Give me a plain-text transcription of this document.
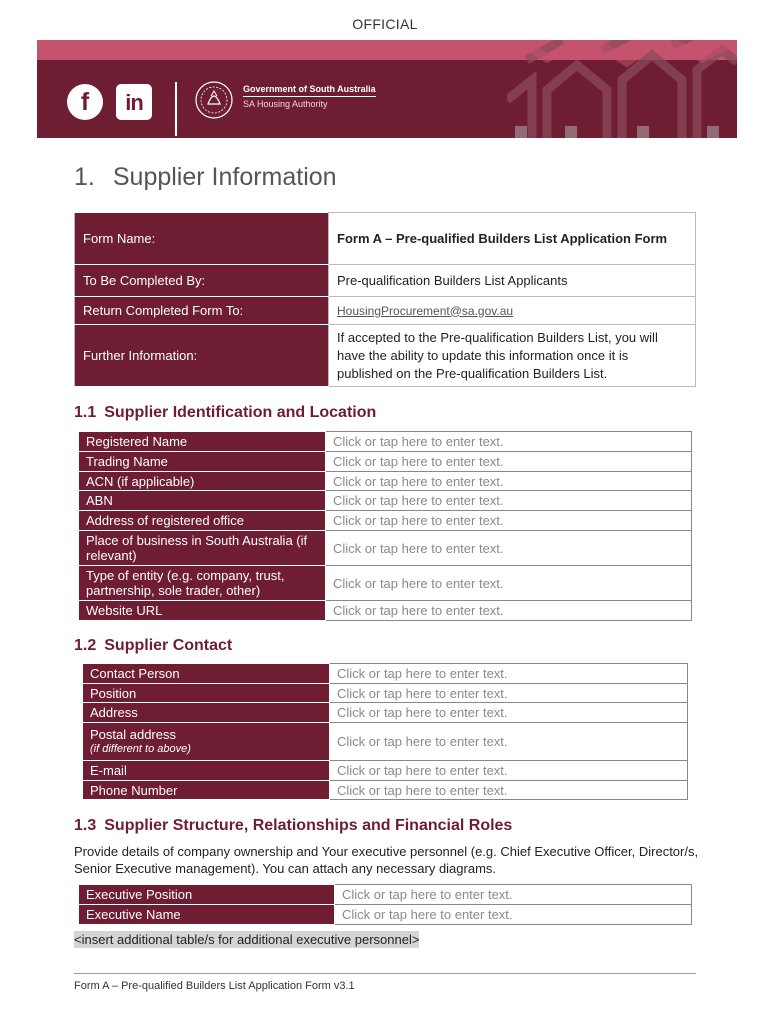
OFFICIAL
f	in
Government of South Australia
SA Housing Authority
1. Supplier Information
Form Name:	Form A – Pre-qualified Builders List Application Form
To Be Completed By:	Pre-qualification Builders List Applicants
Return Completed Form To:	HousingProcurement@sa.gov.au
Further Information:	If accepted to the Pre-qualification Builders List, you will have the ability to update this information once it is published on the Pre-qualification Builders List.
1.1 Supplier Identification and Location
Registered Name	Click or tap here to enter text.
Trading Name	Click or tap here to enter text.
ACN (if applicable)	Click or tap here to enter text.
ABN	Click or tap here to enter text.
Address of registered office	Click or tap here to enter text.
Place of business in South Australia (if relevant)	Click or tap here to enter text.
Type of entity (e.g. company, trust, partnership, sole trader, other)	Click or tap here to enter text.
Website URL	Click or tap here to enter text.
1.2 Supplier Contact
Contact Person	Click or tap here to enter text.
Position	Click or tap here to enter text.
Address	Click or tap here to enter text.

Postal address
(if different to above)	Click or tap here to enter text.
E-mail	Click or tap here to enter text.
Phone Number	Click or tap here to enter text.
1.3 Supplier Structure, Relationships and Financial Roles
Provide details of company ownership and Your executive personnel (e.g. Chief Executive Officer, Director/s, Senior Executive management). You can attach any necessary diagrams.
Executive Position	Click or tap here to enter text.
Executive Name	Click or tap here to enter text.
<insert additional table/s for additional executive personnel>
Form A – Pre-qualified Builders List Application Form v3.1
